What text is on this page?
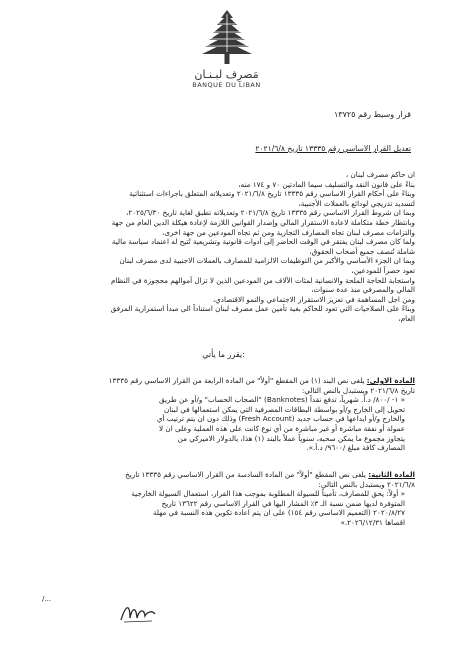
مَصرِف لبـنـان
BANQUE DU LIBAN
قرار وسيط رقم ١٣٧٢٥
تعديل القرار الاساسي رقم ١٣٣٣٥ تاريخ ٢٠٢١/٦/٨
ان حاكم مصرف لبنان ،
بناءً على قانون النقد والتسليف سيما المادتين ٧٠ و ١٧٤ منه،
وبناءً على أحكام القرار الاساسي رقم ١٣٣٣٥ تاريخ ٢٠٢١/٦/٨ وتعديلاته المتعلق باجراءات استثنائية
لتسديد تدريجي لودائع بالعملات الأجنبية،
وبما ان شروط القرار الاساسي رقم ١٣٣٣٥ تاريخ ٢٠٢١/٦/٨ وتعديلاته تطبق لغاية تاريخ ٢٠٢٥/٦/٣٠،
وبانتظار خطة متكاملة لاعادة الاستقرار المالي وإصدار القوانين اللازمة لإعادة هيكلة الدين العام من جهة
والتزامات مصرف لبنان تجاه المصارف التجارية ومن ثم تجاه المودعين من جهة اخرى،
ولما كان مصرف لبنان يفتقر في الوقت الحاضر إلى أدوات قانونية وتشريعية تُتيح له اعتماد سياسة مالية
شاملة تُنصف جميع أصحاب الحقوق،
وبما ان الجزء الأساسي والأكبر من التوظيفات الالزامية للمصارف بالعملات الاجنبية لدى مصرف لبنان
تعود حصراً للمودعين،
واستجابة للحاجة الملحة والانسانية لمئات الآلاف من المودعين الذين لا تزال أموالهم محجوزة في النظام
المالي والمصرفي منذ عدة سنوات،
ومن اجل المساهمة في تعزيز الاستقرار الاجتماعي والنمو الاقتصادي،
وبناءً على الصلاحيات التي تعود للحاكم بغية تأمين عمل مصرف لبنان استناداً الى مبدأ استمرارية المرفق
العام،
يقرر ما يأتي:
المادة الاولى: يلغى نص البند (١) من المقطع "أولاً" من المادة الرابعة من القرار الاساسي رقم ١٣٣٣٥
تاريخ ٢٠٢١/٦/٨ ويستبدل بالنص التالي:
« ١- /٨٠٠/ د.أ. شهرياً، تدفع نقداً (Banknotes) "الصحاب الحساب" و/أو عن طريق
تحويل إلى الخارج و/أو بواسطة البطاقات المصرفية التي يمكن استعمالها في لبنان
والخارج و/أو ايداعها في حساب جديد (Fresh Account) وذلك دون ان يتم ترتيب أي
عمولة أو نفقة مباشرة أو غير مباشرة من أي نوع كانت على هذه العملية وعلى ان لا
يتجاوز مجموع ما يمكن سحبه، سنوياً عملاً بالبند (١) هذا، بالدولار الاميركي من
المصارف كافة مبلغ /٩٦٠٠/ د.أ.».
المادة الثانية: يلغى نص المقطع "أولاً" من المادة السادسة من القرار الاساسي رقم ١٣٣٣٥ تاريخ
٢٠٢١/٦/٨ ويستبدل بالنص التالي:
« أولاً: يحق للمصارف، تأميناً للسيولة المطلوبة بموجب هذا القرار، استعمال السيولة الخارجية
المتوفرة لديها ضمن نسبة الـ ٣٪ المشار اليها في القرار الاساسي رقم ١٣٦٢٢ تاريخ
٢٠٢٠/٨/٢٧ (التعميم الاساسي رقم ١٥٤) على ان يتم اعادة تكوين هذه النسبة في مهلة
اقصاها ٢٠٢٦/١٢/٣١.»
/...
